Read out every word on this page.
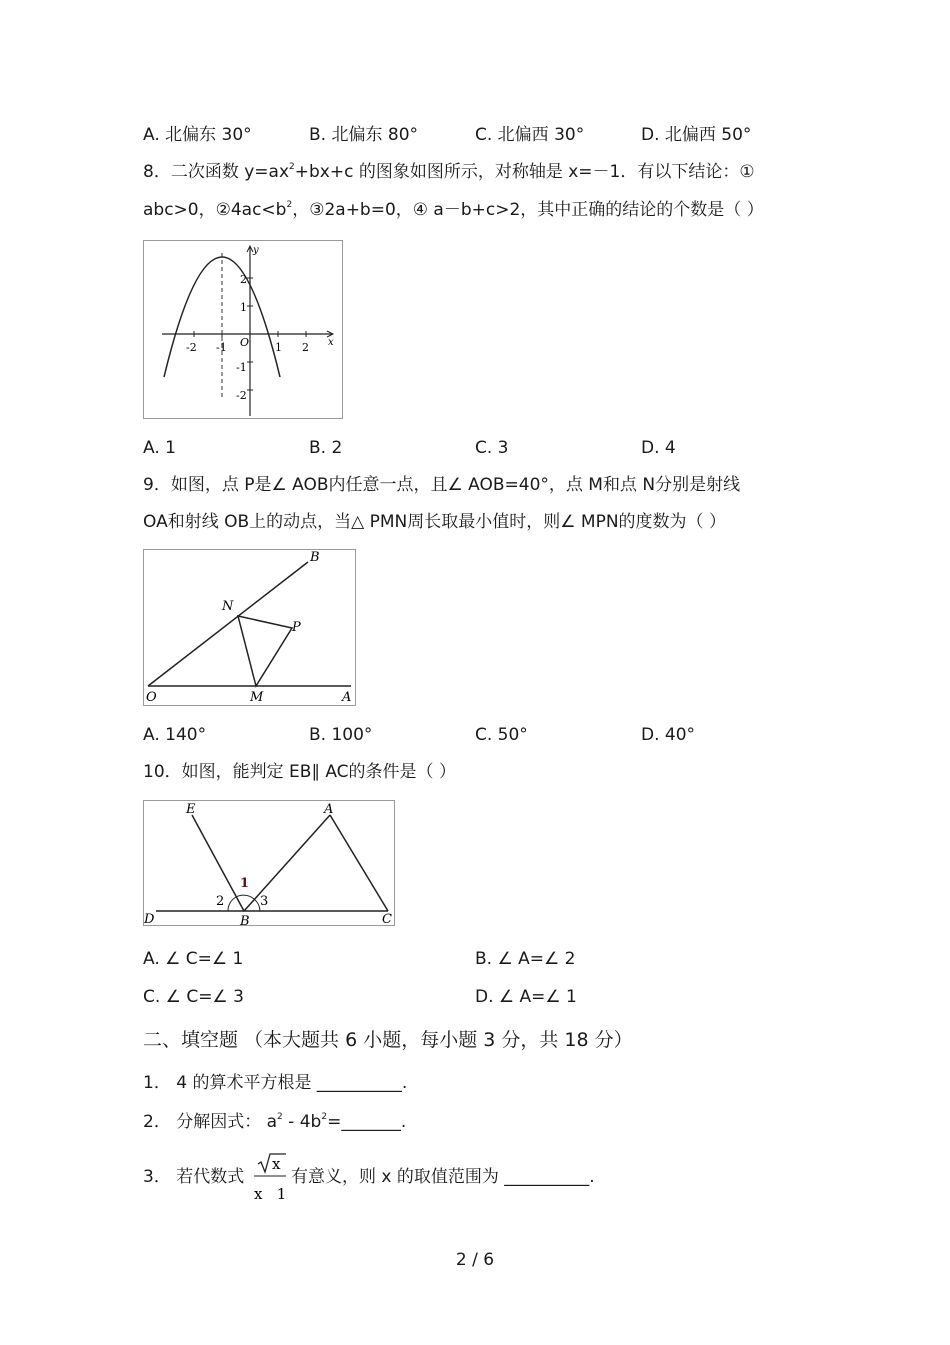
A. 北偏东 30°	B. 北偏东 80°	C. 北偏西 30°	D. 北偏西 50°
8．二次函数 $y=ax^2+bx+c$ 的图象如图所示，对称轴是 x=－1．有以下结论：①
abc>0，$②4ac<b^2$，③2a+b=0，④ a－b+c>2，其中正确的结论的个数是（ ）
y
x
O
-2 -1	1 2
2
1
-1
-2
A. 1	B. 2	C. 3	D. 4
9．如图，点 P是∠ AOB内任意一点，且∠ AOB=40°，点 M和点 N分别是射线
OA和射线 OB上的动点，当△ PMN周长取最小值时，则∠ MPN的度数为（ ）
B
N
P
O	M	A
A. 140°	B. 100°	C. 50°	D. 40°
10．如图，能判定 EB∥ AC的条件是（ ）
E	A
1
2	3
D	B	C
A. ∠ C=∠ 1	B. ∠ A=∠ 2
C. ∠ C=∠ 3	D. ∠ A=∠ 1
二、填空题 （本大题共 6 小题，每小题 3 分，共 18 分）
1． 4 的算术平方根是 __________.
2． 分解因式： $a^2$ - $4b^2=\_\_\_\_\_\_\_$.
3． 若代数式
x
x   1
有意义，则 x 的取值范围为 __________.
2 / 6
